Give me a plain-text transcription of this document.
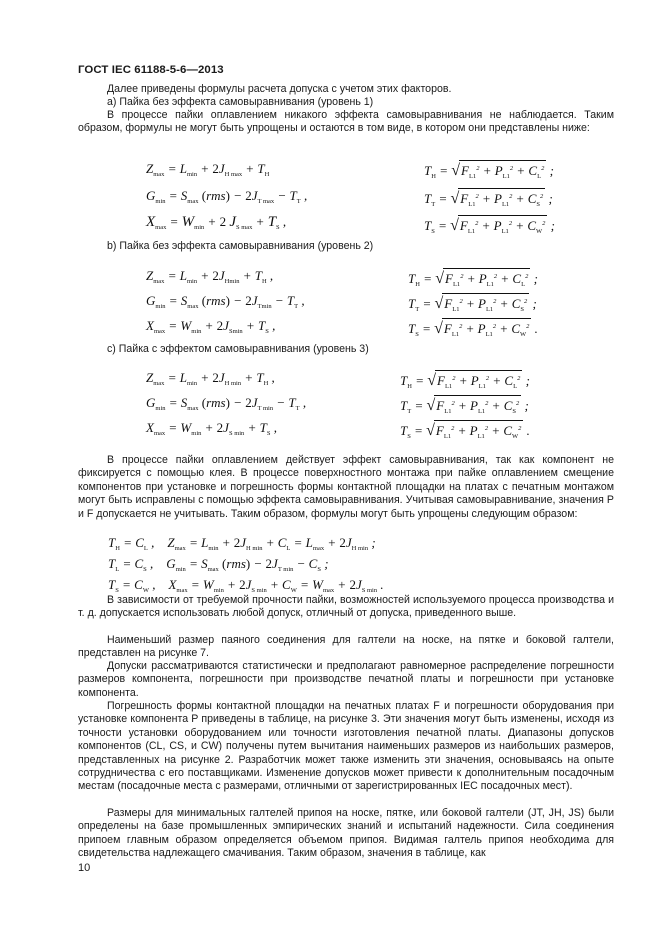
ГОСТ IEC 61188-5-6—2013
Далее приведены формулы расчета допуска с учетом этих факторов.
а) Пайка без эффекта самовыравнивания (уровень 1)
В процессе пайки оплавлением никакого эффекта самовыравнивания не наблюдается. Таким образом, формулы не могут быть упрощены и остаются в том виде, в котором они представлены ниже:
$Z_{max} = L_{min} + 2J_{H max} + T_H$
$G_{min} = S_{max}$ $(rms) - 2J_{T max} - T_T$ ,
$X_{max} = W_{min} + 2$ $J_{S max} + T_S$ ,
$T_H = √F_{L1}^2 + P_{L1}^2 + C_L^2$ ;
$T_T = √F_{L1}^2 + P_{L1}^2 + C_S^2$ ;
$T_S = √F_{L1}^2 + P_{L1}^2 + C_W^2$ ;
b) Пайка без эффекта самовыравнивания (уровень 2)
$Z_{max} = L_{min} + 2J_{Hmin} + T_H$ ,
$G_{min} = S_{max}$ $(rms) - 2J_{Tmin} - T_T$ ,
$X_{max} = W_{min} + 2J_{Smin} + T_S$ ,
$T_H = √F_{L1}^2 + P_{L1}^2 + C_L^2$ ;
$T_T = √F_{L1}^2 + P_{L1}^2 + C_S^2$ ;
$T_S = √F_{L1}^2 + P_{L1}^2 + C_W^2$ .
с) Пайка с эффектом самовыравнивания (уровень 3)
$Z_{max} = L_{min} + 2J_{H min} + T_H$ ,
$G_{min} = S_{max}$ $(rms) - 2J_{T min} - T_T$ ,
$X_{max} = W_{min} + 2J_{S min} + T_S$ ,
$T_H = √F_{L1}^2 + P_{L1}^2 + C_L^2$ ;
$T_T = √F_{L1}^2 + P_{L1}^2 + C_S^2$ ;
$T_S = √F_{L1}^2 + P_{L1}^2 + C_W^2$ .
В процессе пайки оплавлением действует эффект самовыравнивания, так как компонент не фиксируется с помощью клея. В процессе поверхностного монтажа при пайке оплавлением смещение компонентов при установке и погрешность формы контактной площадки на платах с печатным монтажом могут быть исправлены с помощью эффекта самовыравнивания. Учитывая самовыравнивание, значения P и F допускается не учитывать. Таким образом, формулы могут быть упрощены следующим образом:
$T_H = C_L$ ,    $Z_{max} = L_{min} + 2J_{H min} + C_L = L_{max} + 2J_{H min}$ ;
$T_L = C_S$ ,    $G_{min} = S_{max}$ $(rms) - 2J_{T min} - C_S$ ;
$T_S = C_W$ ,    $X_{max} = W_{min} + 2J_{S min} + C_W = W_{max} + 2J_{S min}$ .
В зависимости от требуемой прочности пайки, возможностей используемого процесса производства и т. д. допускается использовать любой допуск, отличный от допуска, приведенного выше.
Наименьший размер паяного соединения для галтели на носке, на пятке и боковой галтели, представлен на рисунке 7.
Допуски рассматриваются статистически и предполагают равномерное распределение погрешности размеров компонента, погрешности при производстве печатной платы и погрешности при установке компонента.
Погрешность формы контактной площадки на печатных платах F и погрешности оборудования при установке компонента P приведены в таблице, на рисунке 3. Эти значения могут быть изменены, исходя из точности установки оборудованием или точности изготовления печатной платы. Диапазоны допусков компонентов (CL, CS, и CW) получены путем вычитания наименьших размеров из наибольших размеров, представленных на рисунке 2. Разработчик может также изменить эти значения, основываясь на опыте сотрудничества с его поставщиками. Изменение допусков может привести к дополнительным посадочным местам (посадочные места с размерами, отличными от зарегистрированных IEC посадочных мест).
Размеры для минимальных галтелей припоя на носке, пятке, или боковой галтели (JT, JH, JS) были определены на базе промышленных эмпирических знаний и испытаний надежности. Сила соединения припоем главным образом определяется объемом припоя. Видимая галтель припоя необходима для свидетельства надлежащего смачивания. Таким образом, значения в таблице, как
10
